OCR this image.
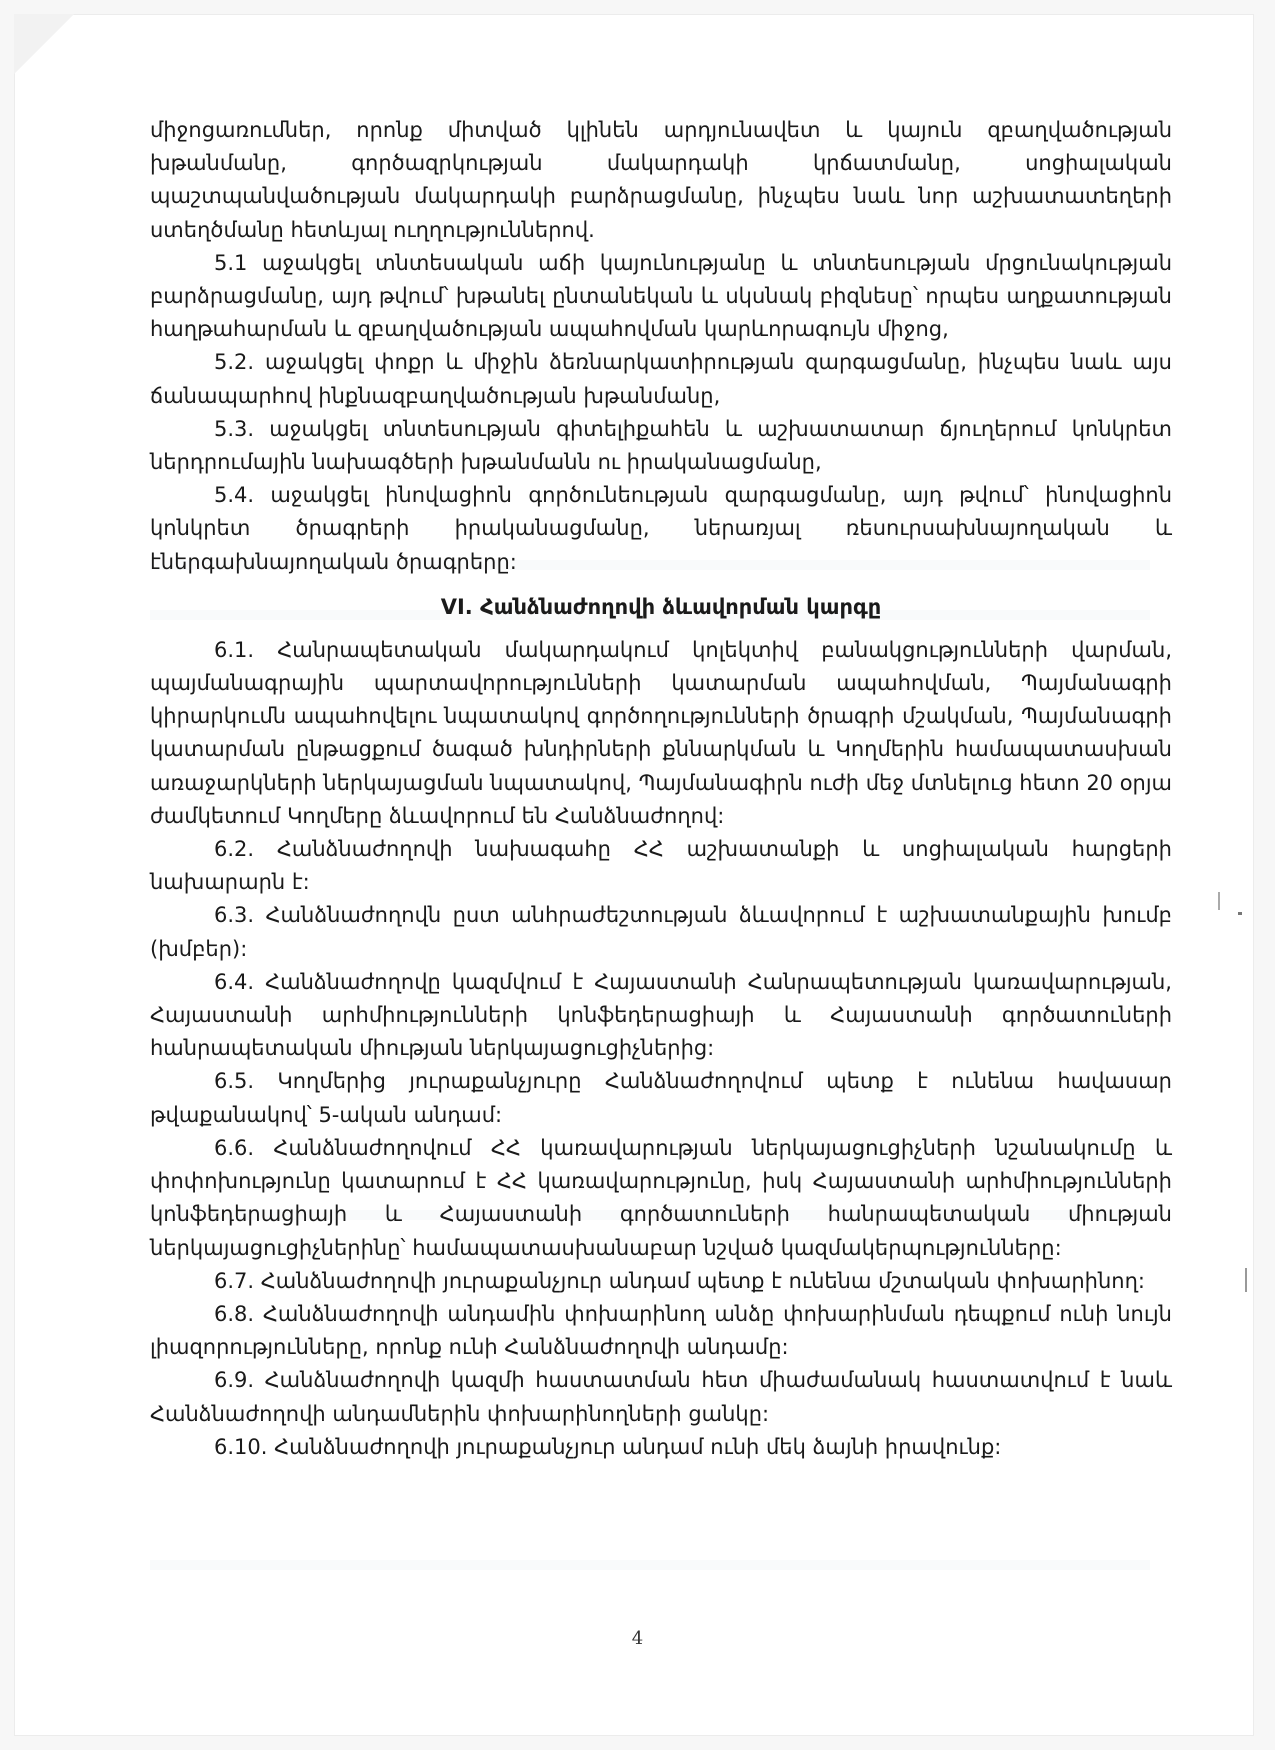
միջոցառումներ, որոնք միտված կլինեն արդյունավետ և կայուն զբաղվածության խթանմանը, գործազրկության մակարդակի կրճատմանը, սոցիալական պաշտպանվածության մակարդակի բարձրացմանը, ինչպես նաև նոր աշխատատեղերի ստեղծմանը հետևյալ ուղղություններով.

5.1 աջակցել տնտեսական աճի կայունությանը և տնտեսության մրցունակության բարձրացմանը, այդ թվում՝ խթանել ընտանեկան և սկսնակ բիզնեսը՝ որպես աղքատության հաղթահարման և զբաղվածության ապահովման կարևորագույն միջոց,

5.2. աջակցել փոքր և միջին ձեռնարկատիրության զարգացմանը, ինչպես նաև այս ճանապարհով ինքնազբաղվածության խթանմանը,

5.3. աջակցել տնտեսության գիտելիքահեն և աշխատատար ճյուղերում կոնկրետ ներդրումային նախագծերի խթանմանն ու իրականացմանը,

5.4. աջակցել ինովացիոն գործունեության զարգացմանը, այդ թվում՝ ինովացիոն կոնկրետ ծրագրերի իրականացմանը, ներառյալ ռեսուրսախնայողական և էներգախնայողական ծրագրերը:

VI. Հանձնաժողովի ձևավորման կարգը

6.1. Հանրապետական մակարդակում կոլեկտիվ բանակցությունների վարման, պայմանագրային պարտավորությունների կատարման ապահովման, Պայմանագրի կիրարկումն ապահովելու նպատակով գործողությունների ծրագրի մշակման, Պայմանագրի կատարման ընթացքում ծագած խնդիրների քննարկման և Կողմերին համապատասխան առաջարկների ներկայացման նպատակով, Պայմանագիրն ուժի մեջ մտնելուց հետո 20 օրյա ժամկետում Կողմերը ձևավորում են Հանձնաժողով:

6.2. Հանձնաժողովի նախագահը ՀՀ աշխատանքի և սոցիալական հարցերի նախարարն է:

6.3. Հանձնաժողովն ըստ անհրաժեշտության ձևավորում է աշխատանքային խումբ (խմբեր):

6.4. Հանձնաժողովը կազմվում է Հայաստանի Հանրապետության կառավարության, Հայաստանի արհմիությունների կոնֆեդերացիայի և Հայաստանի գործատուների հանրապետական միության ներկայացուցիչներից:

6.5. Կողմերից յուրաքանչյուրը Հանձնաժողովում պետք է ունենա հավասար թվաքանակով՝ 5-ական անդամ:

6.6. Հանձնաժողովում ՀՀ կառավարության ներկայացուցիչների նշանակումը և փոփոխությունը կատարում է ՀՀ կառավարությունը, իսկ Հայաստանի արհմիությունների կոնֆեդերացիայի և Հայաստանի գործատուների հանրապետական միության ներկայացուցիչներինը՝ համապատասխանաբար նշված կազմակերպությունները:

6.7. Հանձնաժողովի յուրաքանչյուր անդամ պետք է ունենա մշտական փոխարինող:

6.8. Հանձնաժողովի անդամին փոխարինող անձը փոխարինման դեպքում ունի նույն լիազորությունները, որոնք ունի Հանձնաժողովի անդամը:

6.9. Հանձնաժողովի կազմի հաստատման հետ միաժամանակ հաստատվում է նաև Հանձնաժողովի անդամներին փոխարինողների ցանկը:

6.10. Հանձնաժողովի յուրաքանչյուր անդամ ունի մեկ ձայնի իրավունք:

4
